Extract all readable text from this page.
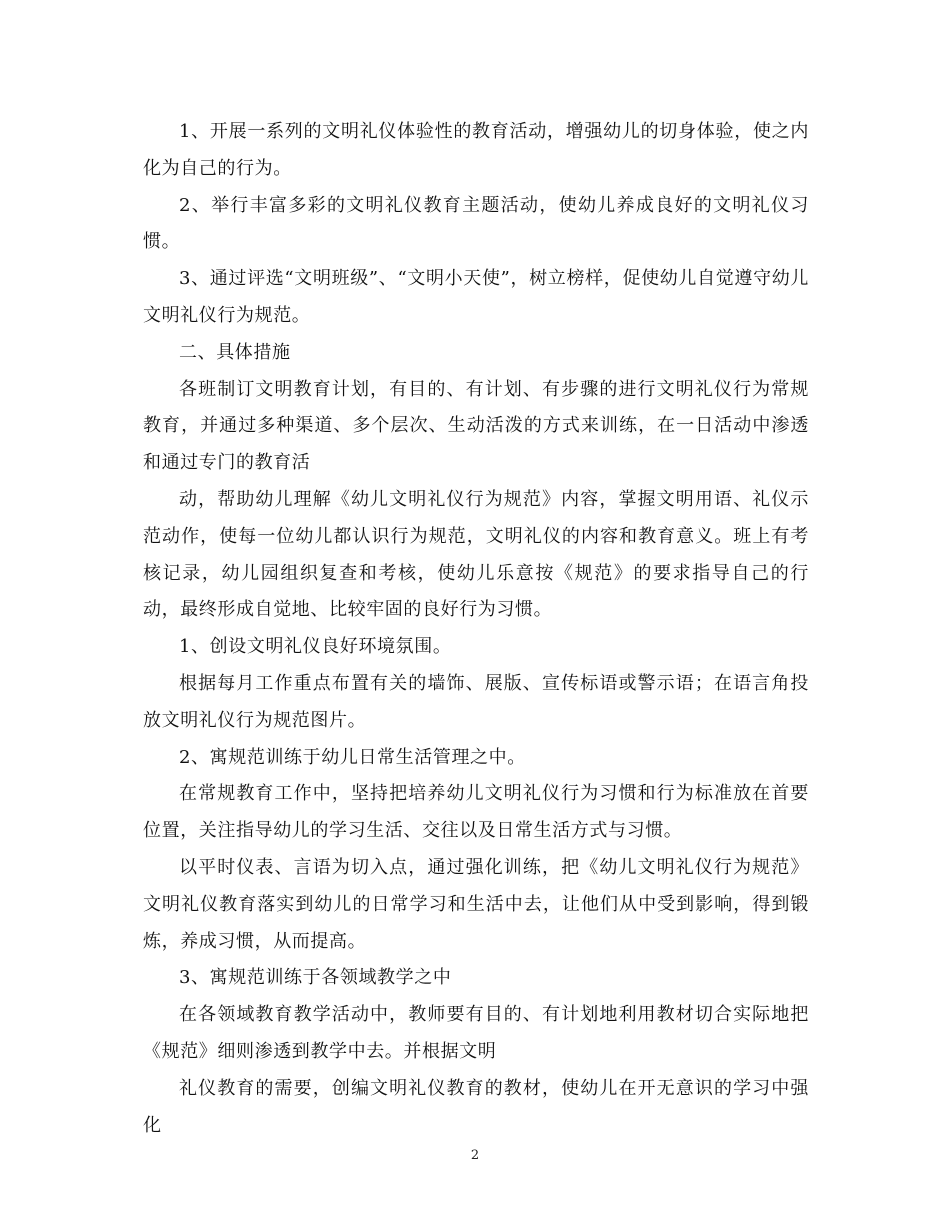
1、开展一系列的文明礼仪体验性的教育活动，增强幼儿的切身体验，使之内化为自己的行为。

2、举行丰富多彩的文明礼仪教育主题活动，使幼儿养成良好的文明礼仪习惯。

3、通过评选“文明班级”、“文明小天使”，树立榜样，促使幼儿自觉遵守幼儿文明礼仪行为规范。

二、具体措施

各班制订文明教育计划，有目的、有计划、有步骤的进行文明礼仪行为常规教育，并通过多种渠道、多个层次、生动活泼的方式来训练，在一日活动中渗透和通过专门的教育活

动，帮助幼儿理解《幼儿文明礼仪行为规范》内容，掌握文明用语、礼仪示范动作，使每一位幼儿都认识行为规范，文明礼仪的内容和教育意义。班上有考核记录，幼儿园组织复查和考核，使幼儿乐意按《规范》的要求指导自己的行动，最终形成自觉地、比较牢固的良好行为习惯。

1、创设文明礼仪良好环境氛围。

根据每月工作重点布置有关的墙饰、展版、宣传标语或警示语；在语言角投放文明礼仪行为规范图片。

2、寓规范训练于幼儿日常生活管理之中。

在常规教育工作中，坚持把培养幼儿文明礼仪行为习惯和行为标准放在首要位置，关注指导幼儿的学习生活、交往以及日常生活方式与习惯。

以平时仪表、言语为切入点，通过强化训练，把《幼儿文明礼仪行为规范》文明礼仪教育落实到幼儿的日常学习和生活中去，让他们从中受到影响，得到锻炼，养成习惯，从而提高。

3、寓规范训练于各领域教学之中

在各领域教育教学活动中，教师要有目的、有计划地利用教材切合实际地把《规范》细则渗透到教学中去。并根据文明

礼仪教育的需要，创编文明礼仪教育的教材，使幼儿在开无意识的学习中强化

2
